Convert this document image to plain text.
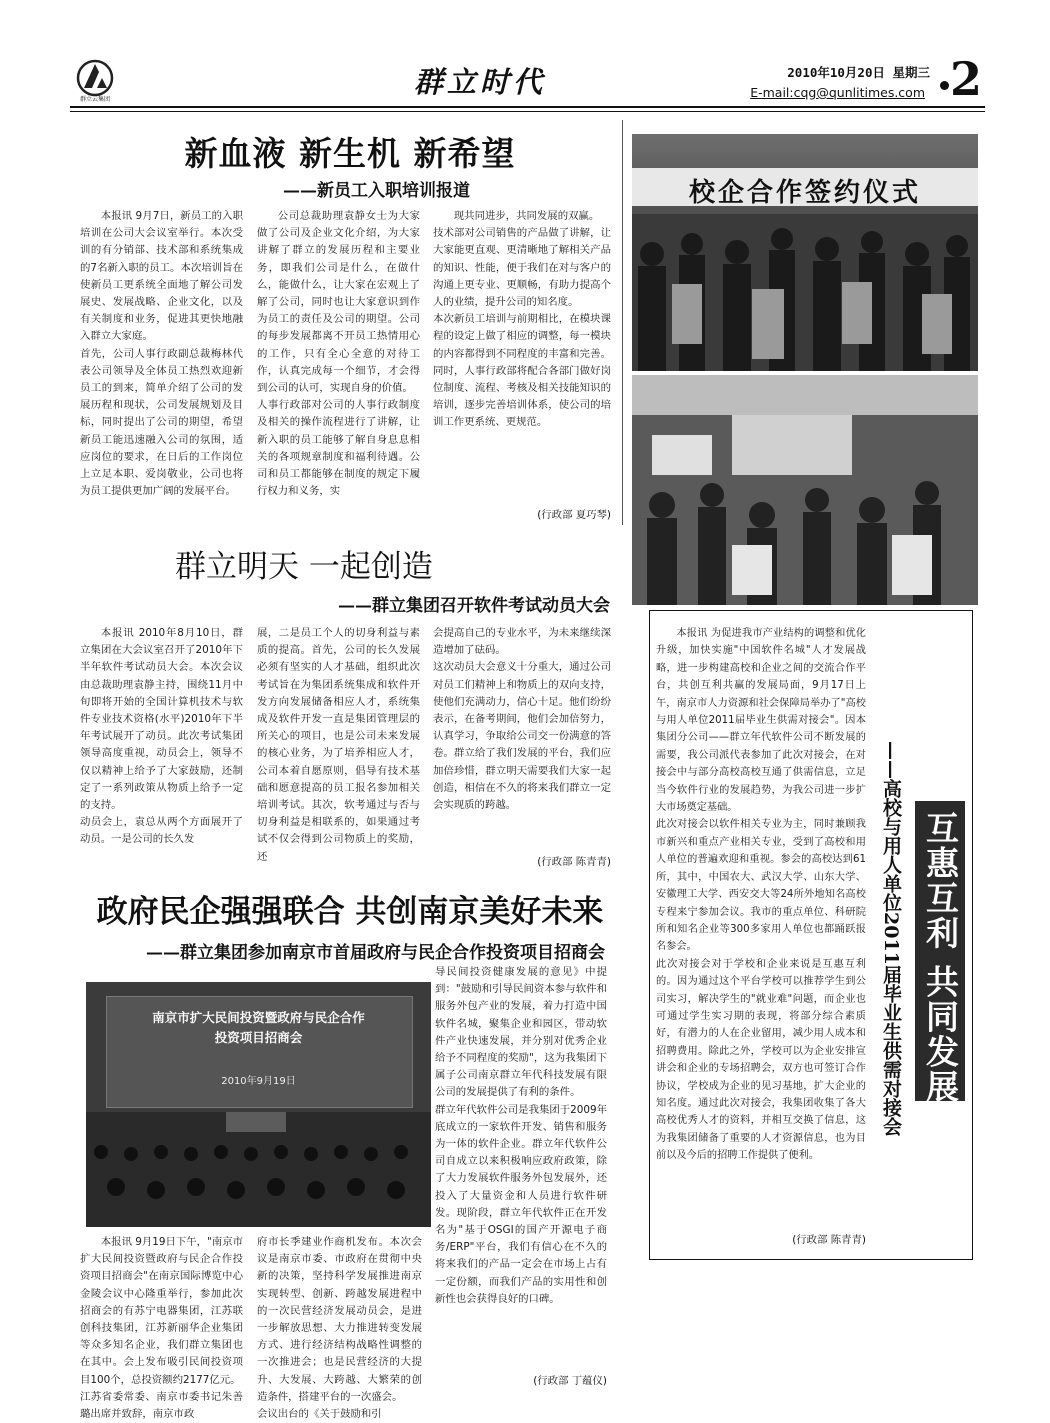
群立云集团
群立时代	2010年10月20日 星期三
E-mail:cqg@qunlitimes.com 2
新血液 新生机 新希望
——新员工入职培训报道
本报讯 9月7日，新员工的入职培训在公司大会议室举行。本次受训的有分销部、技术部和系统集成的7名新入职的员工。本次培训旨在使新员工更系统全面地了解公司发展史、发展战略、企业文化，以及有关制度和业务，促进其更快地融入群立大家庭。
首先，公司人事行政副总裁梅林代表公司领导及全体员工热烈欢迎新员工的到来，简单介绍了公司的发展历程和现状，公司发展规划及目标，同时提出了公司的期望，希望新员工能迅速融入公司的氛围，适应岗位的要求，在日后的工作岗位上立足本职、爱岗敬业，公司也将为员工提供更加广阔的发展平台。
公司总裁助理袁静女士为大家做了公司及企业文化介绍，为大家讲解了群立的发展历程和主要业务，即我们公司是什么，在做什么，能做什么，让大家在宏观上了解了公司，同时也让大家意识到作为员工的责任及公司的期望。公司的每步发展都离不开员工热情用心的工作，只有全心全意的对待工作，认真完成每一个细节，才会得到公司的认可，实现自身的价值。
人事行政部对公司的人事行政制度及相关的操作流程进行了讲解，让新入职的员工能够了解自身息息相关的各项规章制度和福利待遇。公司和员工都能够在制度的规定下履行权力和义务，实
现共同进步，共同发展的双赢。
技术部对公司销售的产品做了讲解，让大家能更直观、更清晰地了解相关产品的知识、性能，便于我们在对与客户的沟通上更专业、更顺畅，有助力提高个人的业绩，提升公司的知名度。
本次新员工培训与前期相比，在模块课程的设定上做了相应的调整，每一模块的内容都得到不同程度的丰富和完善。同时，人事行政部将配合各部门做好岗位制度、流程、考核及相关技能知识的培训，逐步完善培训体系，使公司的培训工作更系统、更规范。
(行政部 夏巧琴)
校企合作签约仪式
群立明天 一起创造
——群立集团召开软件考试动员大会
本报讯 2010年8月10日，群立集团在大会议室召开了2010年下半年软件考试动员大会。本次会议由总裁助理袁静主持，围绕11月中旬即将开始的全国计算机技术与软件专业技术资格(水平)2010年下半年考试展开了动员。此次考试集团领导高度重视，动员会上，领导不仅以精神上给予了大家鼓励，还制定了一系列政策从物质上给予一定的支持。
动员会上，袁总从两个方面展开了动员。一是公司的长久发
展，二是员工个人的切身利益与素质的提高。首先，公司的长久发展必须有坚实的人才基础，组织此次考试旨在为集团系统集成和软件开发方向发展储备相应人才，系统集成及软件开发一直是集团管理层的所关心的项目，也是公司未来发展的核心业务，为了培养相应人才，公司本着自愿原则，倡导有技术基础和愿意提高的员工报名参加相关培训考试。其次，软考通过与否与切身利益是相联系的，如果通过考试不仅会得到公司物质上的奖励，还
会提高自己的专业水平，为未来继续深造增加了砝码。
这次动员大会意义十分重大，通过公司对员工们精神上和物质上的双向支持，使他们充满动力，信心十足。他们纷纷表示，在备考期间，他们会加倍努力，认真学习，争取给公司交一份满意的答卷。群立给了我们发展的平台，我们应加倍珍惜，群立明天需要我们大家一起创造，相信在不久的将来我们群立一定会实现质的跨越。
(行政部 陈青青)
本报讯 为促进我市产业结构的调整和优化升级，加快实施"中国软件名城"人才发展战略，进一步构建高校和企业之间的交流合作平台，共创互利共赢的发展局面，9月17日上午，南京市人力资源和社会保障局举办了"高校与用人单位2011届毕业生供需对接会"。因本集团分公司——群立年代软件公司不断发展的需要，我公司派代表参加了此次对接会，在对接会中与部分高校高校互通了供需信息，立足当今软件行业的发展趋势，为我公司进一步扩大市场奠定基础。
此次对接会以软件相关专业为主，同时兼顾我市新兴和重点产业相关专业，受到了高校和用人单位的普遍欢迎和重视。参会的高校达到61所，其中，中国农大、武汉大学、山东大学、安徽理工大学、西安交大等24所外地知名高校专程来宁参加会议。我市的重点单位、科研院所和知名企业等300多家用人单位也都踊跃报名参会。
此次对接会对于学校和企业来说是互惠互利的。因为通过这个平台学校可以推荐学生到公司实习，解决学生的"就业难"问题，而企业也可通过学生实习期的表现，将部分综合素质好，有潜力的人在企业留用，减少用人成本和招聘费用。除此之外，学校可以为企业安排宣讲会和企业的专场招聘会，双方也可签订合作协议，学校成为企业的见习基地，扩大企业的知名度。通过此次对接会，我集团收集了各大高校优秀人才的资料，并相互交换了信息，这为我集团储备了重要的人才资源信息，也为目前以及今后的招聘工作提供了便利。
(行政部 陈青青)
——高校与用人单位2011届毕业生供需对接会 互惠互利 共同发展
政府民企强强联合 共创南京美好未来
——群立集团参加南京市首届政府与民企合作投资项目招商会
南京市扩大民间投资暨政府与民企合作
投资项目招商会
2010年9月19日
本报讯 9月19日下午，"南京市扩大民间投资暨政府与民企合作投资项目招商会"在南京国际博览中心金陵会议中心隆重举行，参加此次招商会的有苏宁电器集团，江苏联创科技集团，江苏新丽华企业集团等众多知名企业，我们群立集团也在其中。会上发布吸引民间投资项目100个，总投资额约2177亿元。
江苏省委常委、南京市委书记朱善璐出席并致辞，南京市政
府市长季建业作商机发布。本次会议是南京市委、市政府在贯彻中央新的决策，坚持科学发展推进南京实现转型、创新、跨越发展进程中的一次民营经济发展动员会，是进一步解放思想、大力推进转变发展方式、进行经济结构战略性调整的一次推进会；也是民营经济的大提升、大发展、大跨越、大繁荣的创造条件，搭建平台的一次盛会。
会议出台的《关于鼓励和引
导民间投资健康发展的意见》中提到："鼓励和引导民间资本参与软件和服务外包产业的发展，着力打造中国软件名城，聚集企业和园区，带动软件产业快速发展，并分别对优秀企业给予不同程度的奖励"，这为我集团下属子公司南京群立年代科技发展有限公司的发展提供了有利的条件。
群立年代软件公司是我集团于2009年底成立的一家软件开发、销售和服务为一体的软件企业。群立年代软件公司自成立以来积极响应政府政策，除了大力发展软件服务外包发展外，还投入了大量资金和人员进行软件研发。现阶段，群立年代软件正在开发名为"基于OSGI的国产开源电子商务/ERP"平台，我们有信心在不久的将来我们的产品一定会在市场上占有一定份额，而我们产品的实用性和创新性也会获得良好的口碑。
(行政部 丁蕴仪)
